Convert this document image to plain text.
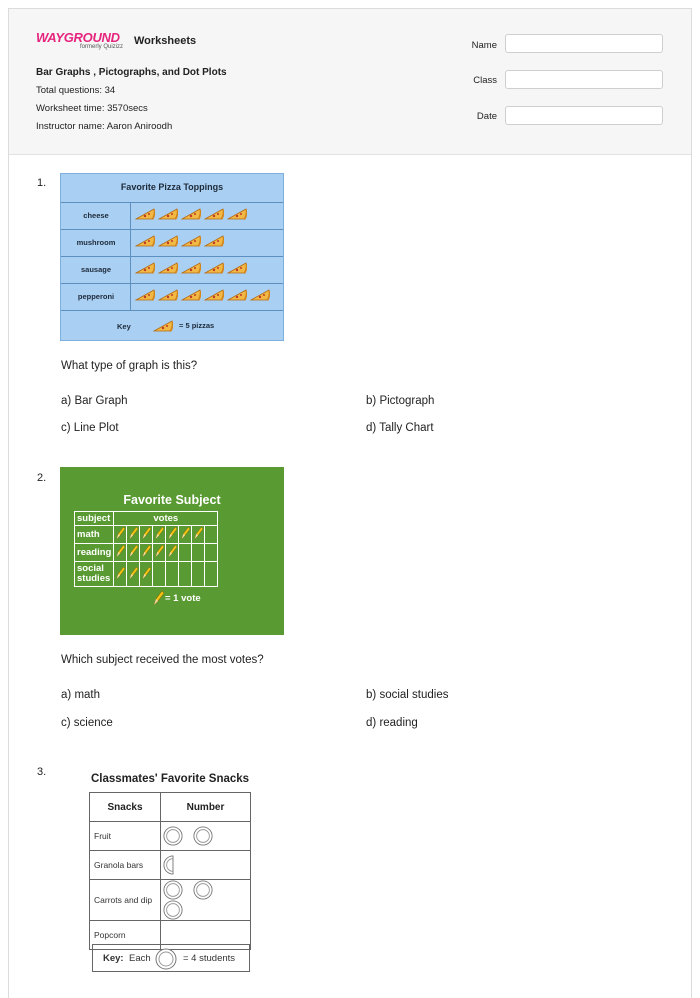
WAYGROUND
formerly Quizizz Worksheets
Bar Graphs , Pictographs, and Dot Plots
Total questions: 34
Worksheet time: 3570secs
Instructor name: Aaron Aniroodh
Name
Class
Date
1.	Favorite Pizza Toppings
cheese
mushroom
sausage
pepperoni
Key	= 5 pizzas
What type of graph is this?
a) Bar Graph	b) Pictograph
c) Line Plot	d) Tally Chart
2.
Favorite Subject
subject	votes							
math								
reading								
social
studies								
= 1 vote
Which subject received the most votes?
a) math	b) social studies
c) science	d) reading
3.
Classmates' Favorite Snacks
Snacks	Number
Fruit	
Granola bars	
Carrots and dip	
Popcorn	
Key: Each	= 4 students
